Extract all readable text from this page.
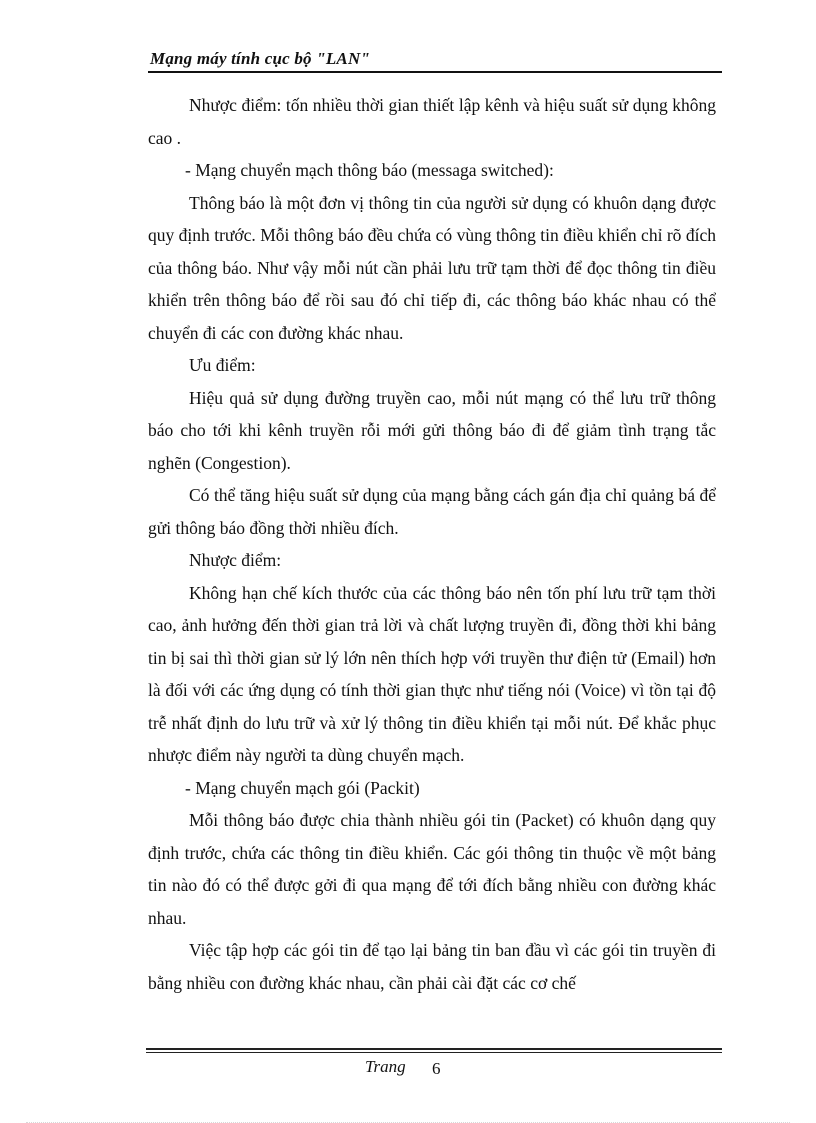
Mạng máy tính cục bộ "LAN"

Nhược điểm: tốn nhiều thời gian thiết lập kênh và hiệu suất sử dụng không cao .

- Mạng chuyển mạch thông báo (messaga switched):

Thông báo là một đơn vị thông tin của người sử dụng có khuôn dạng được quy định trước. Mỗi thông báo đều chứa có vùng thông tin điều khiển chỉ rõ đích của thông báo. Như vậy mỗi nút cần phải lưu trữ tạm thời để đọc thông tin điều khiển trên thông báo để rồi sau đó chỉ tiếp đi, các thông báo khác nhau có thể chuyển đi các con đường khác nhau.

Ưu điểm:

Hiệu quả sử dụng đường truyền cao, mỗi nút mạng có thể lưu trữ thông báo cho tới khi kênh truyền rỗi mới gửi thông báo đi để giảm tình trạng tắc nghẽn (Congestion).

Có thể tăng hiệu suất sử dụng của mạng bằng cách gán địa chỉ quảng bá để gửi thông báo đồng thời nhiều đích.

Nhược điểm:

Không hạn chế kích thước của các thông báo nên tốn phí lưu trữ tạm thời cao, ảnh hưởng đến thời gian trả lời và chất lượng truyền đi, đồng thời khi bảng tin bị sai thì thời gian sử lý lớn nên thích hợp với truyền thư điện tử (Email) hơn là đối với các ứng dụng có tính thời gian thực như tiếng nói (Voice) vì tồn tại độ trễ nhất định do lưu trữ và xử lý thông tin điều khiển tại mỗi nút. Để khắc phục nhược điểm này người ta dùng chuyển mạch.

- Mạng chuyển mạch gói (Packit)

Mỗi thông báo được chia thành nhiều gói tin (Packet) có khuôn dạng quy định trước, chứa các thông tin điều khiển. Các gói thông tin thuộc về một bảng tin nào đó có thể được gởi đi qua mạng để tới đích bằng nhiều con đường khác nhau.

Việc tập hợp các gói tin để tạo lại bảng tin ban đầu vì các gói tin truyền đi bằng nhiều con đường khác nhau, cần phải cài đặt các cơ chế

Trang 6
